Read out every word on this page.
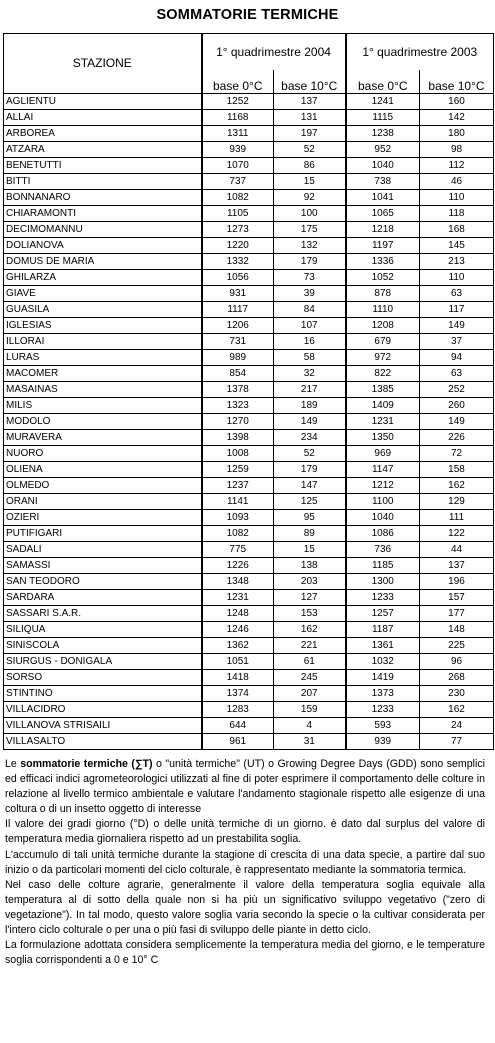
SOMMATORIE TERMICHE
STAZIONE	1° quadrimestre 2004		1° quadrimestre 2003	
	base 0°C	base 10°C	base 0°C	base 10°C
AGLIENTU	1252	137	1241	160
ALLAI	1168	131	1115	142
ARBOREA	1311	197	1238	180
ATZARA	939	52	952	98
BENETUTTI	1070	86	1040	112
BITTI	737	15	738	46
BONNANARO	1082	92	1041	110
CHIARAMONTI	1105	100	1065	118
DECIMOMANNU	1273	175	1218	168
DOLIANOVA	1220	132	1197	145
DOMUS DE MARIA	1332	179	1336	213
GHILARZA	1056	73	1052	110
GIAVE	931	39	878	63
GUASILA	1117	84	1110	117
IGLESIAS	1206	107	1208	149
ILLORAI	731	16	679	37
LURAS	989	58	972	94
MACOMER	854	32	822	63
MASAINAS	1378	217	1385	252
MILIS	1323	189	1409	260
MODOLO	1270	149	1231	149
MURAVERA	1398	234	1350	226
NUORO	1008	52	969	72
OLIENA	1259	179	1147	158
OLMEDO	1237	147	1212	162
ORANI	1141	125	1100	129
OZIERI	1093	95	1040	111
PUTIFIGARI	1082	89	1086	122
SADALI	775	15	736	44
SAMASSI	1226	138	1185	137
SAN TEODORO	1348	203	1300	196
SARDARA	1231	127	1233	157
SASSARI S.A.R.	1248	153	1257	177
SILIQUA	1246	162	1187	148
SINISCOLA	1362	221	1361	225
SIURGUS - DONIGALA	1051	61	1032	96
SORSO	1418	245	1419	268
STINTINO	1374	207	1373	230
VILLACIDRO	1283	159	1233	162
VILLANOVA STRISAILI	644	4	593	24
VILLASALTO	961	31	939	77

Le sommatorie termiche (∑T) o "unità termiche" (UT) o Growing Degree Days (GDD) sono semplici ed efficaci indici agrometeorologici utilizzati al fine di poter esprimere il comportamento delle colture in relazione al livello termico ambientale e valutare l'andamento stagionale rispetto alle esigenze di una coltura o di un insetto oggetto di interesse

Il valore dei gradi giorno (°D) o delle unità termiche di un giorno. è dato dal surplus del valore di temperatura media giornaliera rispetto ad un prestabilita soglia.

L'accumulo di tali unità termiche durante la stagione di crescita di una data specie, a partire dal suo inizio o da particolari momenti del ciclo colturale, è rappresentato mediante la sommatoria termica.

Nel caso delle colture agrarie, generalmente il valore della temperatura soglia equivale alla temperatura al di sotto della quale non si ha più un significativo sviluppo vegetativo ("zero di vegetazione"). In tal modo, questo valore soglia varia secondo la specie o la cultivar considerata per l'intero ciclo colturale o per una o più fasi di sviluppo delle piante in detto ciclo.

La formulazione adottata considera semplicemente la temperatura media del giorno, e le temperature soglia corrispondenti a 0 e 10° C
